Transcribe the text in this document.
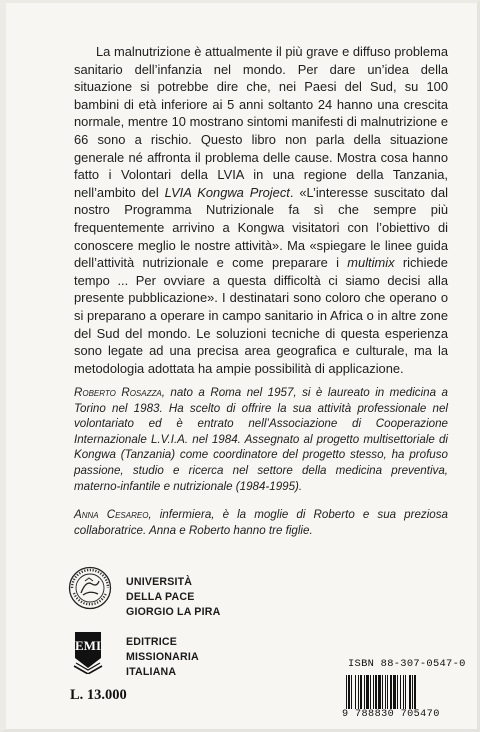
La malnutrizione è attualmente il più grave e diffuso problema sanitario dell’infanzia nel mondo. Per dare un’idea della situazione si potrebbe dire che, nei Paesi del Sud, su 100 bambini di età inferiore ai 5 anni soltanto 24 hanno una crescita normale, mentre 10 mostrano sintomi manifesti di malnutrizione e 66 sono a rischio. Questo libro non parla della situazione generale né affronta il problema delle cause. Mostra cosa hanno fatto i Volontari della LVIA in una regione della Tanzania, nell’ambito del LVIA Kongwa Project. «L’interesse suscitato dal nostro Programma Nutrizionale fa sì che sempre più frequentemente arrivino a Kongwa visitatori con l’obiettivo di conoscere meglio le nostre attività». Ma «spiegare le linee guida dell’attività nutrizionale e come preparare i multimix richiede tempo ... Per ovviare a questa difficoltà ci siamo decisi alla presente pubblicazione». I destinatari sono coloro che operano o si preparano a operare in campo sanitario in Africa o in altre zone del Sud del mondo. Le soluzioni tecniche di questa esperienza sono legate ad una precisa area geografica e culturale, ma la metodologia adottata ha ampie possibilità di applicazione.

Roberto Rosazza, nato a Roma nel 1957, si è laureato in medicina a Torino nel 1983. Ha scelto di offrire la sua attività professionale nel volontariato ed è entrato nell’Associazione di Cooperazione Internazionale L.V.I.A. nel 1984. Assegnato al progetto multisettoriale di Kongwa (Tanzania) come coordinatore del progetto stesso, ha profuso passione, studio e ricerca nel settore della medicina preventiva, materno-infantile e nutrizionale (1984-1995).

Anna Cesareo, infermiera, è la moglie di Roberto e sua preziosa collaboratrice. Anna e Roberto hanno tre figlie.

UNIVERSITÀ
DELLA PACE
GIORGIO LA PIRA
EMI EDITRICE
MISSIONARIA
ITALIANA
L. 13.000
ISBN 88-307-0547-0
9 788830 705470
